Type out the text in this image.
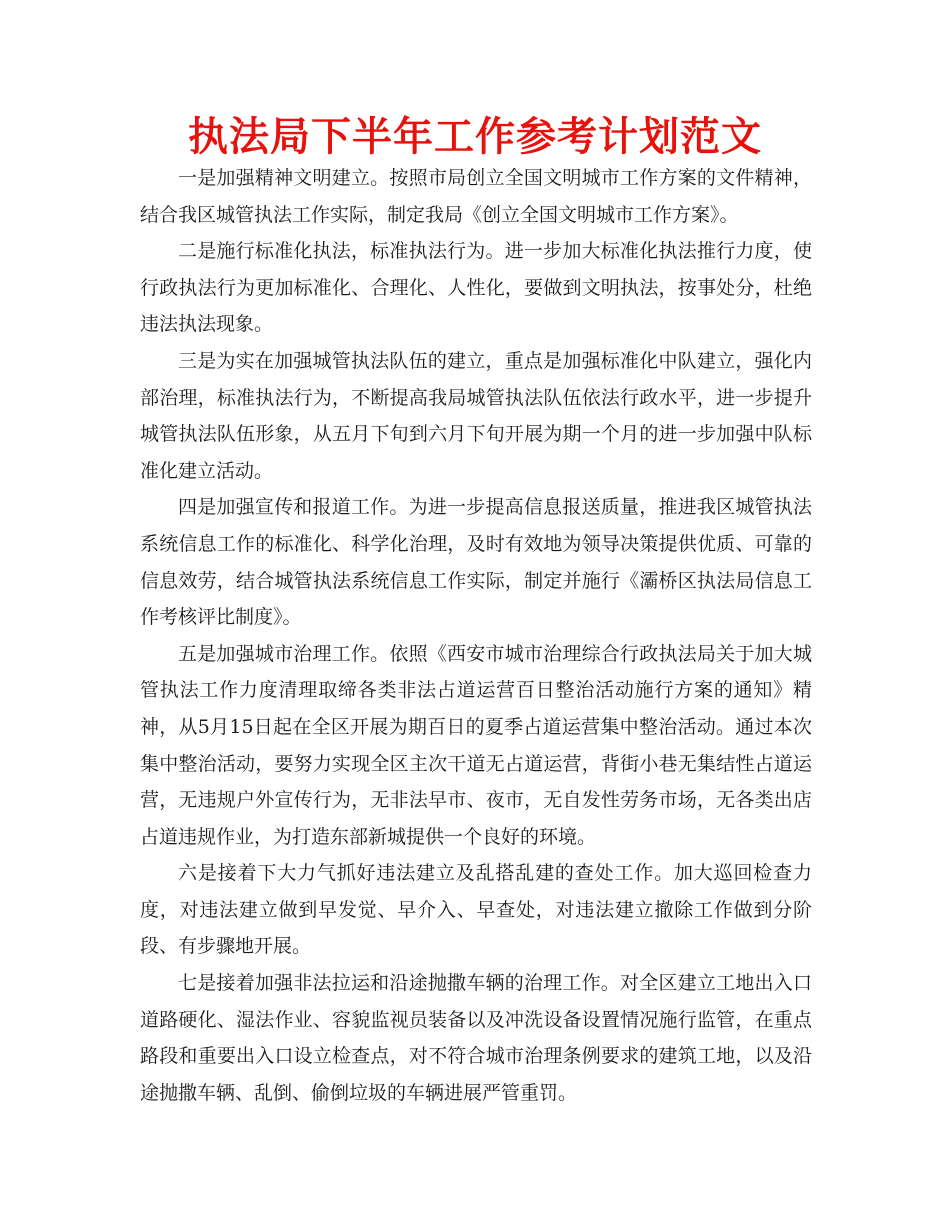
执法局下半年工作参考计划范文

一是加强精神文明建立。按照市局创立全国文明城市工作方案的文件精神，结合我区城管执法工作实际，制定我局《创立全国文明城市工作方案》。

二是施行标准化执法，标准执法行为。进一步加大标准化执法推行力度，使行政执法行为更加标准化、合理化、人性化，要做到文明执法，按事处分，杜绝违法执法现象。

三是为实在加强城管执法队伍的建立，重点是加强标准化中队建立，强化内部治理，标准执法行为，不断提高我局城管执法队伍依法行政水平，进一步提升城管执法队伍形象，从五月下旬到六月下旬开展为期一个月的进一步加强中队标准化建立活动。

四是加强宣传和报道工作。为进一步提高信息报送质量，推进我区城管执法系统信息工作的标准化、科学化治理，及时有效地为领导决策提供优质、可靠的信息效劳，结合城管执法系统信息工作实际，制定并施行《灞桥区执法局信息工作考核评比制度》。

五是加强城市治理工作。依照《西安市城市治理综合行政执法局关于加大城管执法工作力度清理取缔各类非法占道运营百日整治活动施行方案的通知》精神，从5月15日起在全区开展为期百日的夏季占道运营集中整治活动。通过本次集中整治活动，要努力实现全区主次干道无占道运营，背街小巷无集结性占道运营，无违规户外宣传行为，无非法早市、夜市，无自发性劳务市场，无各类出店占道违规作业，为打造东部新城提供一个良好的环境。

六是接着下大力气抓好违法建立及乱搭乱建的查处工作。加大巡回检查力度，对违法建立做到早发觉、早介入、早查处，对违法建立撤除工作做到分阶段、有步骤地开展。

七是接着加强非法拉运和沿途抛撒车辆的治理工作。对全区建立工地出入口道路硬化、湿法作业、容貌监视员装备以及冲洗设备设置情况施行监管，在重点路段和重要出入口设立检查点，对不符合城市治理条例要求的建筑工地，以及沿途抛撒车辆、乱倒、偷倒垃圾的车辆进展严管重罚。
